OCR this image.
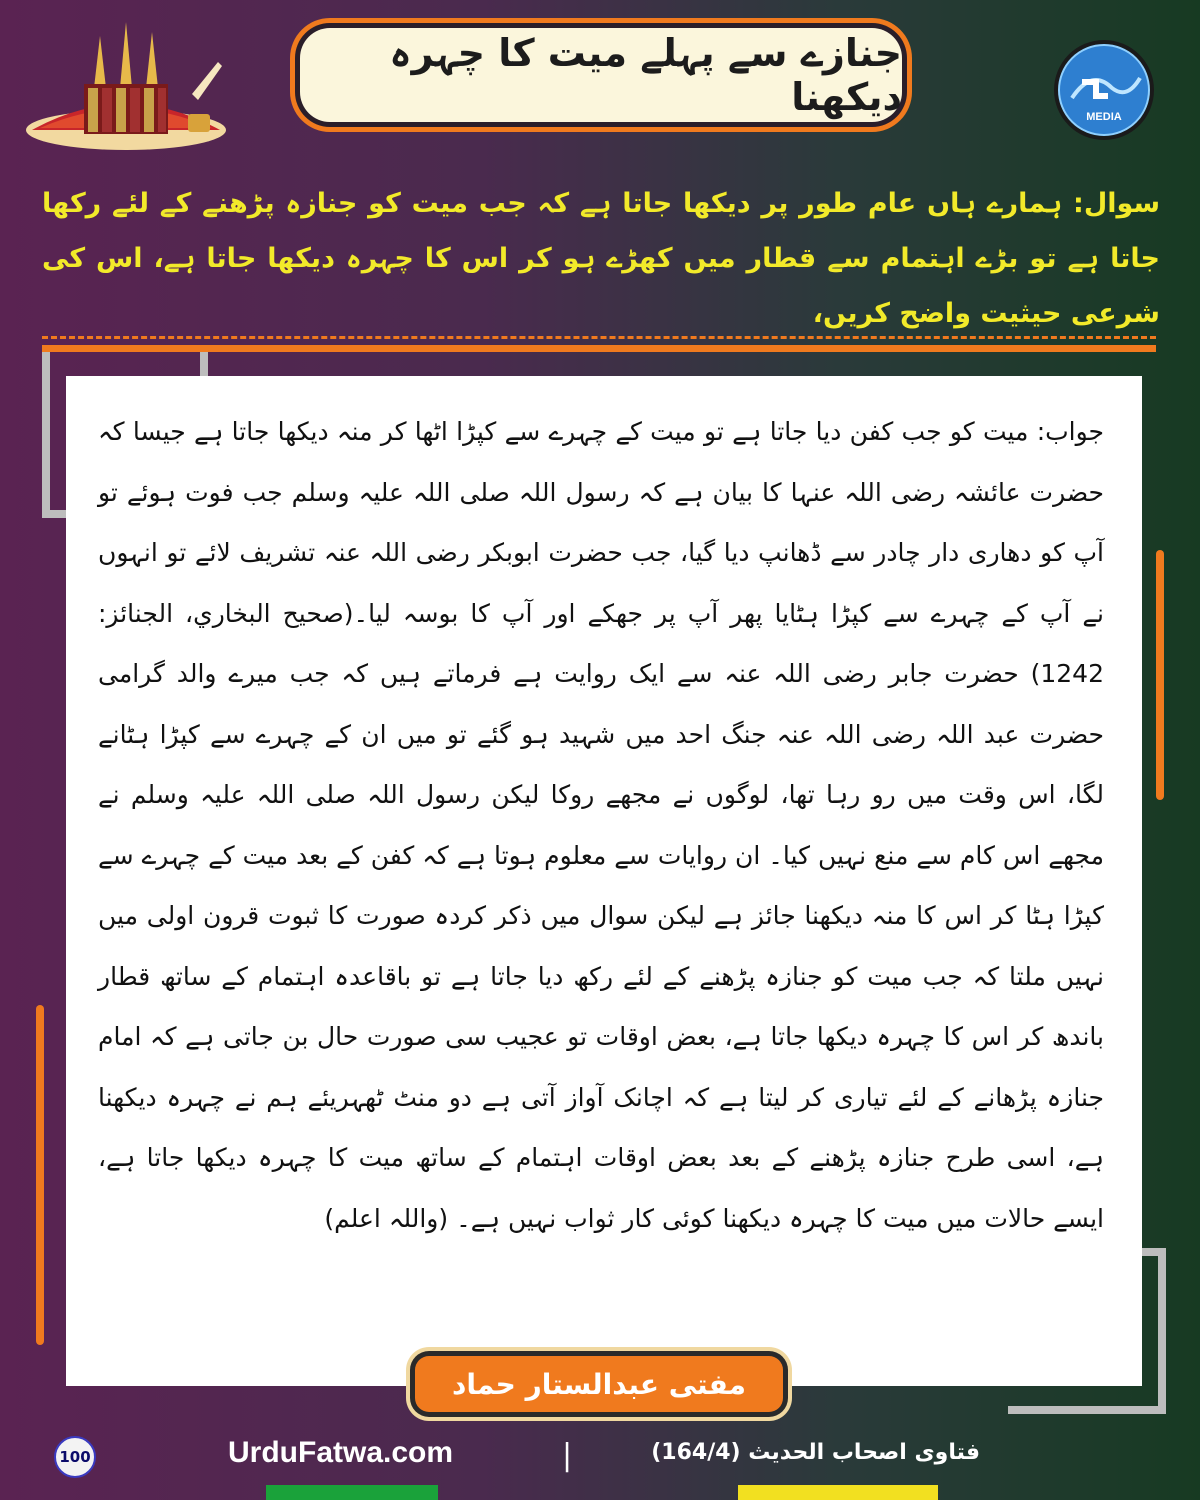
جنازے سے پہلے میت کا چہرہ دیکھنا	MEDIA
سوال: ہمارے ہاں عام طور پر دیکھا جاتا ہے کہ جب میت کو جنازہ پڑھنے کے لئے رکھا جاتا ہے تو بڑے اہتمام سے قطار میں کھڑے ہو کر اس کا چہرہ دیکھا جاتا ہے، اس کی شرعی حیثیت واضح کریں،
جواب: میت کو جب کفن دیا جاتا ہے تو میت کے چہرے سے کپڑا اٹھا کر منہ دیکھا جاتا ہے جیسا کہ حضرت عائشہ رضی اللہ عنہا کا بیان ہے کہ رسول اللہ صلی اللہ علیہ وسلم جب فوت ہوئے تو آپ کو دھاری دار چادر سے ڈھانپ دیا گیا، جب حضرت ابوبکر رضی اللہ عنہ تشریف لائے تو انہوں نے آپ کے چہرے سے کپڑا ہٹایا پھر آپ پر جھکے اور آپ کا بوسہ لیا۔(صحيح البخاري، الجنائز: 1242) حضرت جابر رضی اللہ عنہ سے ایک روایت ہے فرماتے ہیں کہ جب میرے والد گرامی حضرت عبد اللہ رضی اللہ عنہ جنگ احد میں شہید ہو گئے تو میں ان کے چہرے سے کپڑا ہٹانے لگا، اس وقت میں رو رہا تھا، لوگوں نے مجھے روکا لیکن رسول اللہ صلی اللہ علیہ وسلم نے مجھے اس کام سے منع نہیں کیا۔ ان روایات سے معلوم ہوتا ہے کہ کفن کے بعد میت کے چہرے سے کپڑا ہٹا کر اس کا منہ دیکھنا جائز ہے لیکن سوال میں ذکر کردہ صورت کا ثبوت قرون اولی میں نہیں ملتا کہ جب میت کو جنازہ پڑھنے کے لئے رکھ دیا جاتا ہے تو باقاعدہ اہتمام کے ساتھ قطار باندھ کر اس کا چہرہ دیکھا جاتا ہے، بعض اوقات تو عجیب سی صورت حال بن جاتی ہے کہ امام جنازہ پڑھانے کے لئے تیاری کر لیتا ہے کہ اچانک آواز آتی ہے دو منٹ ٹھہریئے ہم نے چہرہ دیکھنا ہے، اسی طرح جنازہ پڑھنے کے بعد بعض اوقات اہتمام کے ساتھ میت کا چہرہ دیکھا جاتا ہے، ایسے حالات میں میت کا چہرہ دیکھنا کوئی کار ثواب نہیں ہے۔ (واللہ اعلم)
مفتی عبدالستار حماد
100	UrduFatwa.com	|	فتاوی اصحاب الحدیث (164/4)
